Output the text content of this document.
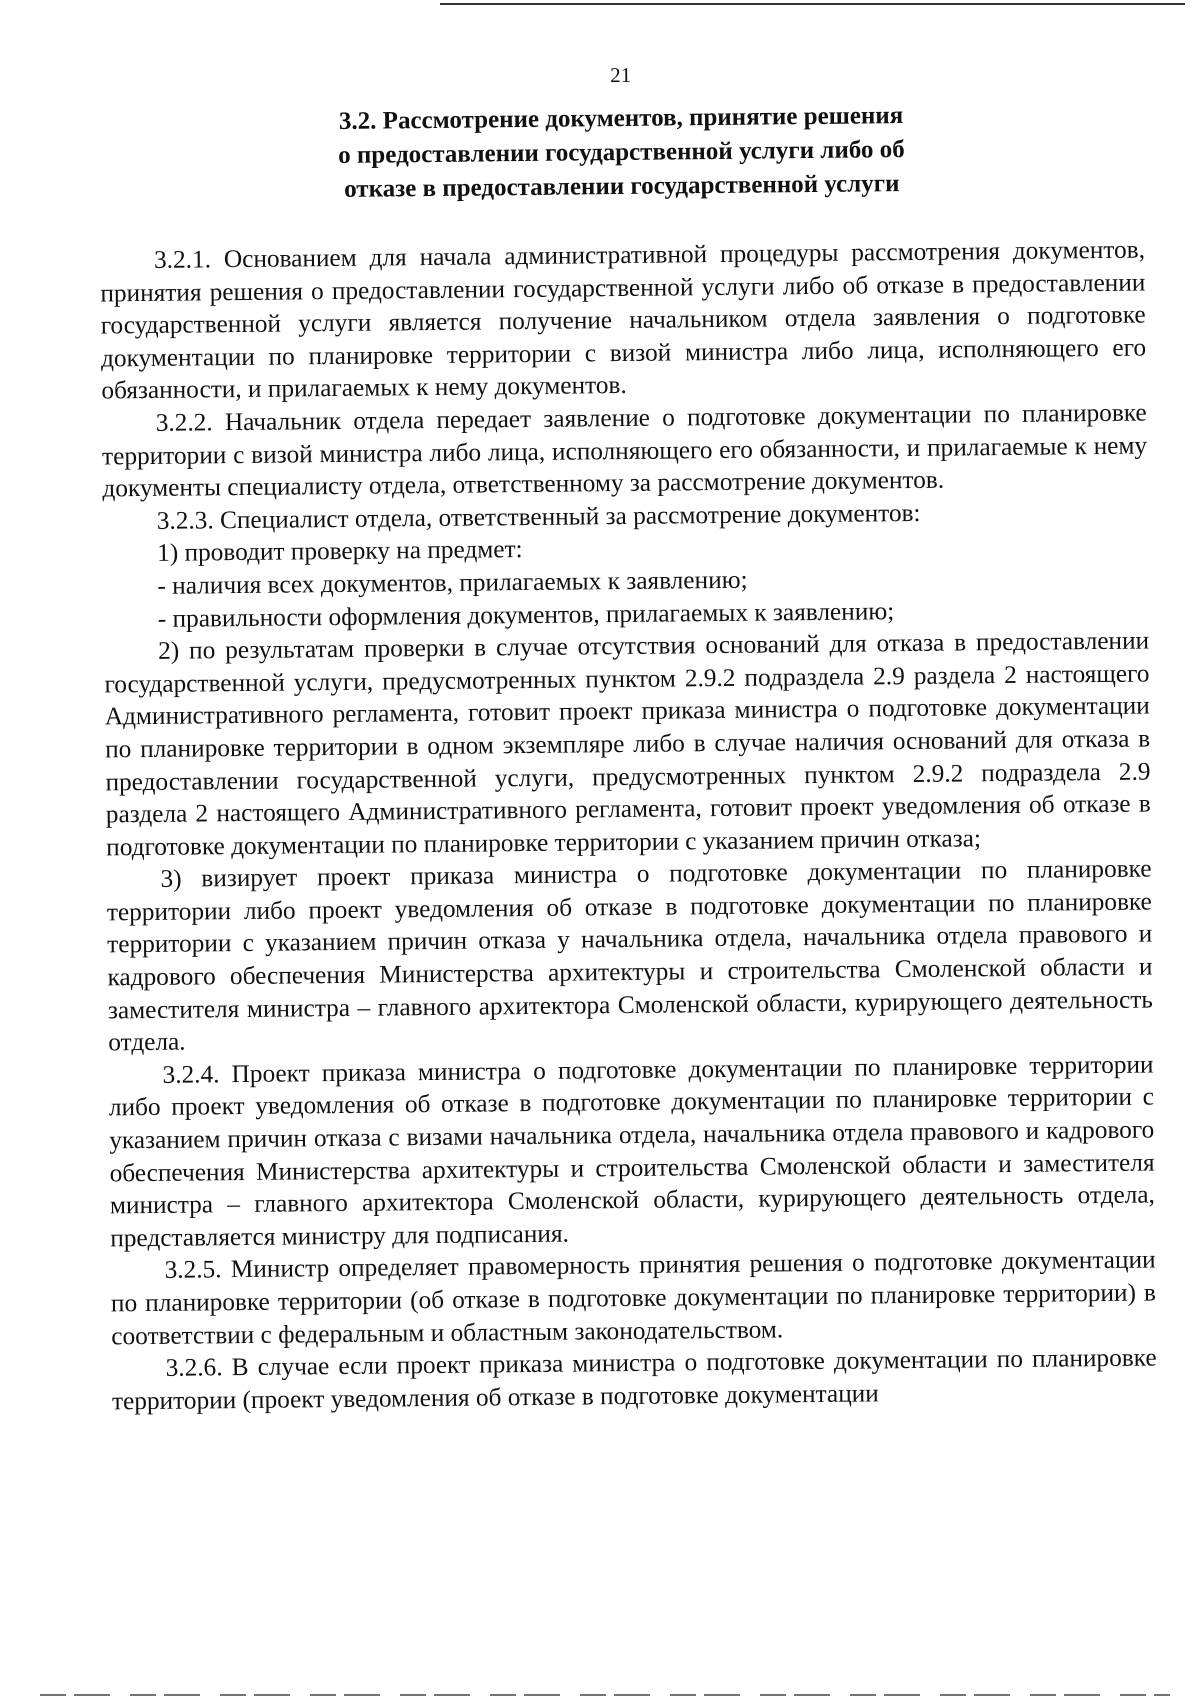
21
3.2. Рассмотрение документов, принятие решения
о предоставлении государственной услуги либо об
отказе в предоставлении государственной услуги

3.2.1. Основанием для начала административной процедуры рассмотрения документов, принятия решения о предоставлении государственной услуги либо об отказе в предоставлении государственной услуги является получение начальником отдела заявления о подготовке документации по планировке территории с визой министра либо лица, исполняющего его обязанности, и прилагаемых к нему документов.

3.2.2. Начальник отдела передает заявление о подготовке документации по планировке территории с визой министра либо лица, исполняющего его обязанности, и прилагаемые к нему документы специалисту отдела, ответственному за рассмотрение документов.

3.2.3. Специалист отдела, ответственный за рассмотрение документов:

1) проводит проверку на предмет:

- наличия всех документов, прилагаемых к заявлению;

- правильности оформления документов, прилагаемых к заявлению;

2) по результатам проверки в случае отсутствия оснований для отказа в предоставлении государственной услуги, предусмотренных пунктом 2.9.2 подраздела 2.9 раздела 2 настоящего Административного регламента, готовит проект приказа министра о подготовке документации по планировке территории в одном экземпляре либо в случае наличия оснований для отказа в предоставлении государственной услуги, предусмотренных пунктом 2.9.2 подраздела 2.9 раздела 2 настоящего Административного регламента, готовит проект уведомления об отказе в подготовке документации по планировке территории с указанием причин отказа;

3) визирует проект приказа министра о подготовке документации по планировке территории либо проект уведомления об отказе в подготовке документации по планировке территории с указанием причин отказа у начальника отдела, начальника отдела правового и кадрового обеспечения Министерства архитектуры и строительства Смоленской области и заместителя министра – главного архитектора Смоленской области, курирующего деятельность отдела.

3.2.4. Проект приказа министра о подготовке документации по планировке территории либо проект уведомления об отказе в подготовке документации по планировке территории с указанием причин отказа с визами начальника отдела, начальника отдела правового и кадрового обеспечения Министерства архитектуры и строительства Смоленской области и заместителя министра – главного архитектора Смоленской области, курирующего деятельность отдела, представляется министру для подписания.

3.2.5. Министр определяет правомерность принятия решения о подготовке документации по планировке территории (об отказе в подготовке документации по планировке территории) в соответствии с федеральным и областным законодательством.

3.2.6. В случае если проект приказа министра о подготовке документации по планировке территории (проект уведомления об отказе в подготовке документации
